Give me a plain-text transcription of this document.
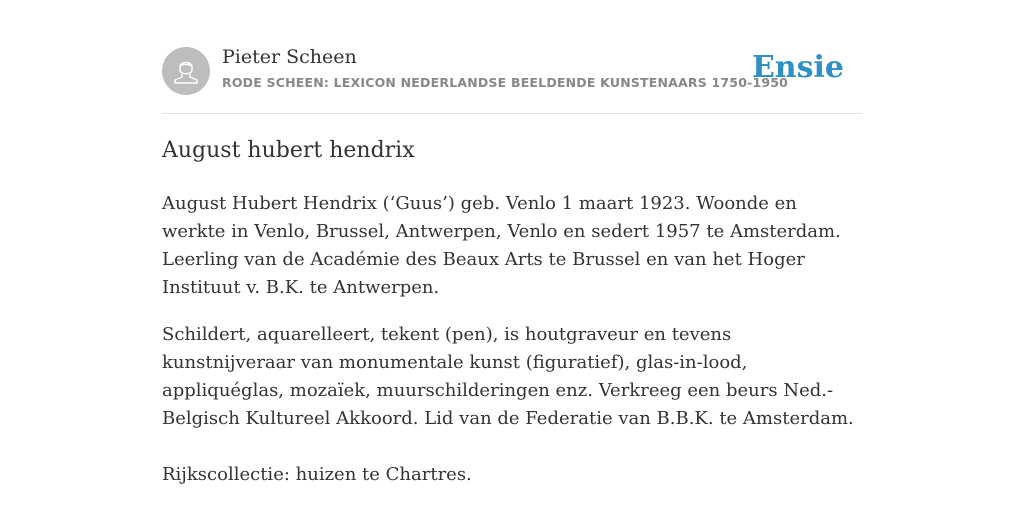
Pieter Scheen
RODE SCHEEN: LEXICON NEDERLANDSE BEELDENDE KUNSTENAARS 1750-1950
Ensie
August hubert hendrix

August Hubert Hendrix (‘Guus’) geb. Venlo 1 maart 1923. Woonde en werkte in Venlo, Brussel, Antwerpen, Venlo en sedert 1957 te Amsterdam. Leerling van de Académie des Beaux Arts te Brussel en van het Hoger Instituut v. B.K. te Antwerpen.

Schildert, aquarelleert, tekent (pen), is houtgraveur en tevens kunstnijveraar van monumentale kunst (figuratief), glas-in-lood, appliquéglas, mozaïek, muurschilderingen enz. Verkreeg een beurs Ned.-Belgisch Kultureel Akkoord. Lid van de Federatie van B.B.K. te Amsterdam.

Rijkscollectie: huizen te Chartres.
